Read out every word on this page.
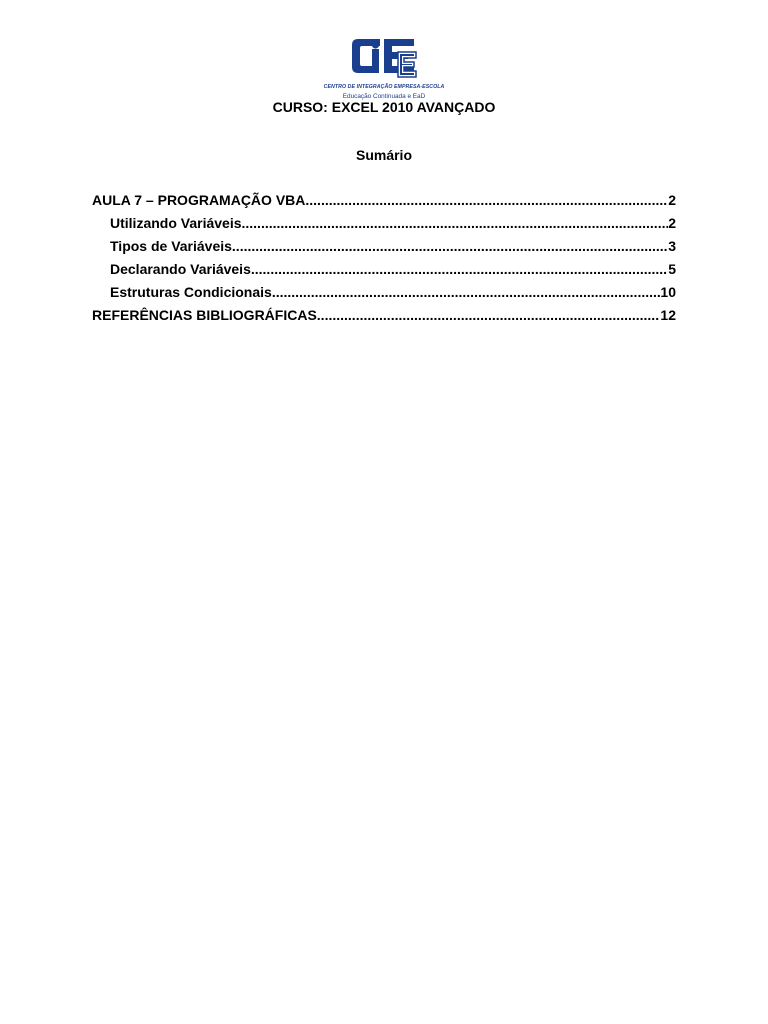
CENTRO DE INTEGRAÇÃO EMPRESA-ESCOLA
Educação Continuada e EaD
CURSO: EXCEL 2010 AVANÇADO
Sumário
AULA 7 – PROGRAMAÇÃO VBA .....	2
Utilizando Variáveis .....	2
Tipos de Variáveis .....	3
Declarando Variáveis .....	5
Estruturas Condicionais .....	10
REFERÊNCIAS BIBLIOGRÁFICAS .....	12
